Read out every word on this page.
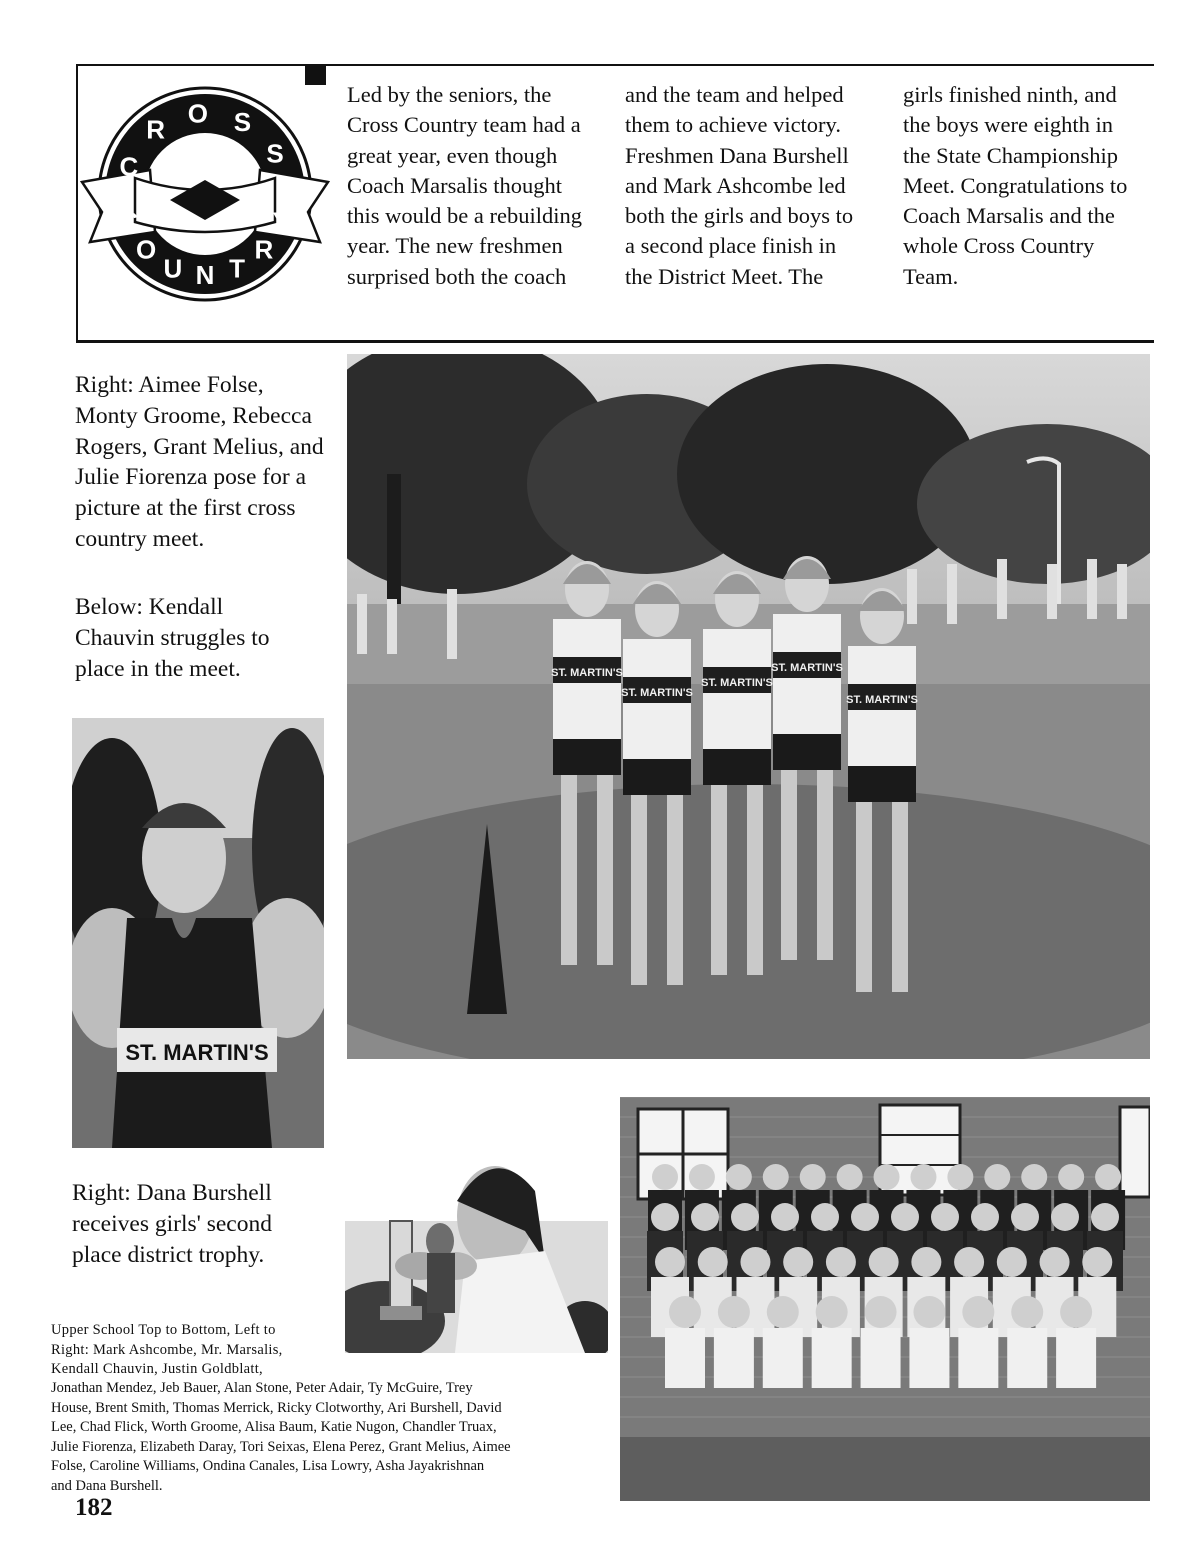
C
R
O S
S
C
O
U N T
R
Y
Led by the seniors, the
Cross Country team had a
great year, even though
Coach Marsalis thought
this would be a rebuilding
year. The new freshmen
surprised both the coach
and the team and helped
them to achieve victory.
Freshmen Dana Burshell
and Mark Ashcombe led
both the girls and boys to
a second place finish in
the District Meet. The
girls finished ninth, and
the boys were eighth in
the State Championship
Meet. Congratulations to
Coach Marsalis and the
whole Cross Country
Team.
Right: Aimee Folse,
Monty Groome, Rebecca
Rogers, Grant Melius, and
Julie Fiorenza pose for a
picture at the first cross
country meet.
Below: Kendall
Chauvin struggles to
place in the meet.	ST. MARTIN'S
ST. MARTIN'S
ST. MARTIN'S
ST. MARTIN'S
ST. MARTIN'S
ST. MARTIN'S
Right: Dana Burshell
receives girls' second
place district trophy.
Upper School Top to Bottom, Left to
Right: Mark Ashcombe, Mr. Marsalis,
Kendall Chauvin, Justin Goldblatt,
Jonathan Mendez, Jeb Bauer, Alan Stone, Peter Adair, Ty McGuire, Trey
House, Brent Smith, Thomas Merrick, Ricky Clotworthy, Ari Burshell, David
Lee, Chad Flick, Worth Groome, Alisa Baum, Katie Nugon, Chandler Truax,
Julie Fiorenza, Elizabeth Daray, Tori Seixas, Elena Perez, Grant Melius, Aimee
Folse, Caroline Williams, Ondina Canales, Lisa Lowry, Asha Jayakrishnan
and Dana Burshell.
182
